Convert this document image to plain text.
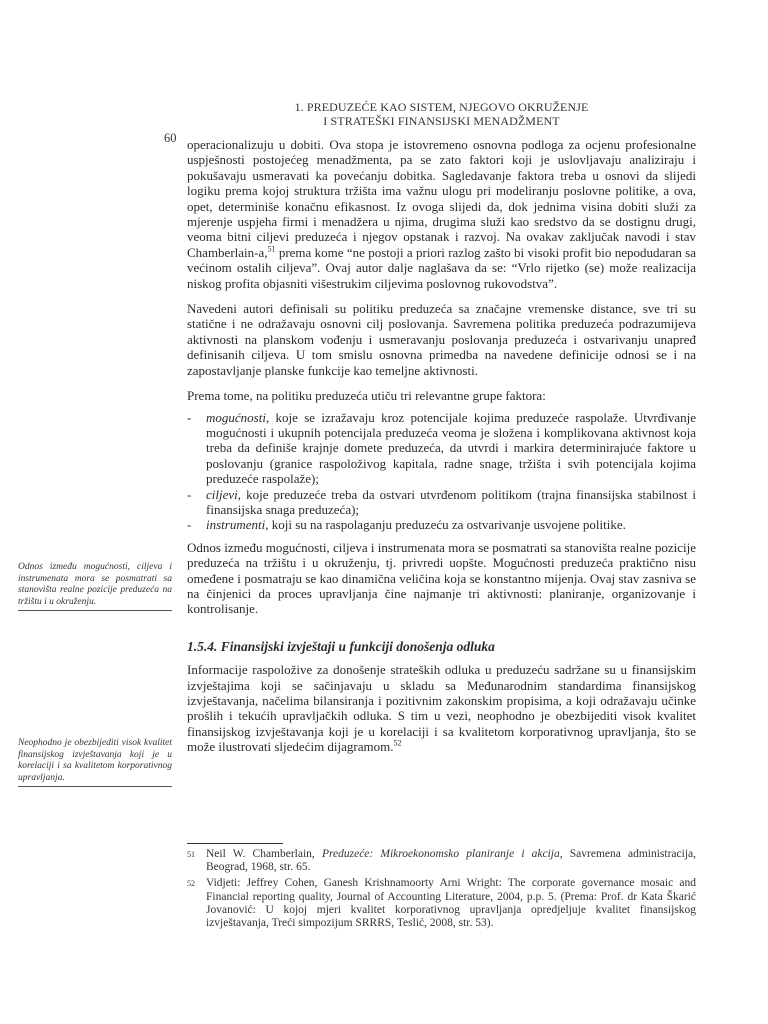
1. PREDUZEĆE KAO SISTEM, NJEGOVO OKRUŽENJE
I STRATEŠKI FINANSIJSKI MENADŽMENT
60 operacionalizuju u dobiti. Ova stopa je istovremeno osnovna podloga za ocjenu profesionalne uspješnosti postojećeg menadžmenta, pa se zato faktori koji je uslovljavaju analiziraju i pokušavaju usmeravati ka povećanju dobitka. Sagledavanje faktora treba u osnovi da slijedi logiku prema kojoj struktura tržišta ima važnu ulogu pri modeliranju poslovne politike, a ova, opet, determiniše konačnu efikasnost. Iz ovoga slijedi da, dok jednima visina dobiti služi za mjerenje uspjeha firmi i menadžera u njima, drugima služi kao sredstvo da se dostignu drugi, veoma bitni ciljevi preduzeća i njegov opstanak i razvoj. Na ovakav zaključak navodi i stav Chamberlain-a,$^{51}$ prema kome “ne postoji a priori razlog zašto bi visoki profit bio nepodudaran sa većinom ostalih ciljeva”. Ovaj autor dalje naglašava da se: “Vrlo rijetko (se) može realizacija niskog profita objasniti višestrukim ciljevima poslovnog rukovodstva”.

Navedeni autori definisali su politiku preduzeća sa značajne vremenske distance, sve tri su statične i ne odražavaju osnovni cilj poslovanja. Savremena politika preduzeća podrazumijeva aktivnosti na planskom vođenju i usmeravanju poslovanja preduzeća i ostvarivanju unapređ definisanih ciljeva. U tom smislu osnovna primedba na navedene definicije odnosi se i na zapostavljanje planske funkcije kao temeljne aktivnosti.

Prema tome, na politiku preduzeća utiču tri relevantne grupe faktora:

- mogućnosti, koje se izražavaju kroz potencijale kojima preduzeće raspolaže. Utvrđivanje mogućnosti i ukupnih potencijala preduzeća veoma je složena i komplikovana aktivnost koja treba da definiše krajnje domete preduzeća, da utvrdi i markira determinirajuće faktore u poslovanju (granice raspoloživog kapitala, radne snage, tržišta i svih potencijala kojima preduzeće raspolaže);
- ciljevi, koje preduzeće treba da ostvari utvrđenom politikom (trajna finansijska stabilnost i finansijska snaga preduzeća);
- instrumenti, koji su na raspolaganju preduzeću za ostvarivanje usvojene politike.

Odnos između mogućnosti, ciljeva i instrumenata mora se posmatrati sa stanovišta realne pozicije preduzeća na tržištu i u okruženju, tj. privredi uopšte. Mogućnosti preduzeća praktično nisu omeđene i posmatraju se kao dinamična veličina koja se konstantno mijenja. Ovaj stav zasniva se na činjenici da proces upravljanja čine najmanje tri aktivnosti: planiranje, organizovanje i kontrolisanje.

1.5.4. Finansijski izvještaji u funkciji donošenja odluka

Informacije raspoložive za donošenje strateških odluka u preduzeću sadržane su u finansijskim izvještajima koji se sačinjavaju u skladu sa Međunarodnim standardima finansijskog izvještavanja, načelima bilansiranja i pozitivnim zakonskim propisima, a koji odražavaju učinke prošlih i tekućih upravljačkih odluka. S tim u vezi, neophodno je obezbijediti visok kvalitet finansijskog izvještavanja koji je u korelaciji i sa kvalitetom korporativnog upravljanja, što se može ilustrovati sljedećim dijagramom.$^{52}$

Odnos između mogućnosti, ciljeva i instrumenata mora se posmatrati sa stanovišta realne pozicije preduzeća na tržištu i u okruženju.
Neophodno je obezbijediti visok kvalitet finansijskog izvještavanja koji je u korelaciji i sa kvalitetom korporativnog upravljanja.
51 Neil W. Chamberlain, Preduzeće: Mikroekonomsko planiranje i akcija, Savremena administracija, Beograd, 1968, str. 65.
52 Vidjeti: Jeffrey Cohen, Ganesh Krishnamoorty Arni Wright: The corporate governance mosaic and Financial reporting quality, Journal of Accounting Literature, 2004, p.p. 5. (Prema: Prof. dr Kata Škarić Jovanović: U kojoj mjeri kvalitet korporativnog upravljanja opredjeljuje kvalitet finansijskog izvještavanja, Treći simpozijum SRRRS, Teslić, 2008, str. 53).
